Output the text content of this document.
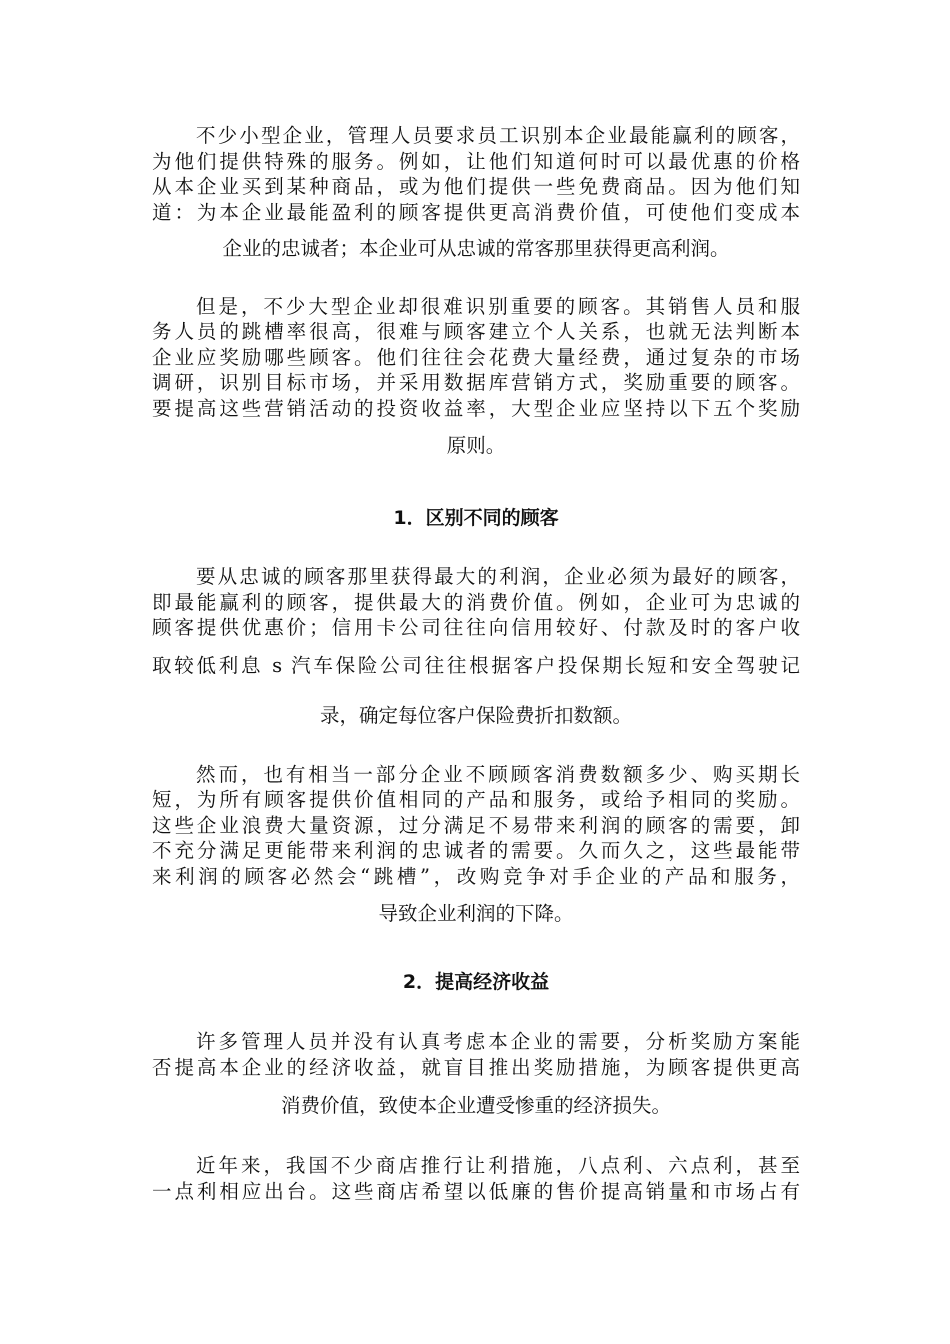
不少小型企业，管理人员要求员工识别本企业最能赢利的顾客，
为他们提供特殊的服务。例如，让他们知道何时可以最优惠的价格
从本企业买到某种商品，或为他们提供一些免费商品。因为他们知
道：为本企业最能盈利的顾客提供更高消费价值，可使他们变成本
企业的忠诚者；本企业可从忠诚的常客那里获得更高利润。
但是，不少大型企业却很难识别重要的顾客。其销售人员和服
务人员的跳槽率很高，很难与顾客建立个人关系，也就无法判断本
企业应奖励哪些顾客。他们往往会花费大量经费，通过复杂的市场
调研，识别目标市场，并采用数据库营销方式，奖励重要的顾客。
要提高这些营销活动的投资收益率，大型企业应坚持以下五个奖励
原则。
1．区别不同的顾客
要从忠诚的顾客那里获得最大的利润，企业必须为最好的顾客，
即最能赢利的顾客，提供最大的消费价值。例如，企业可为忠诚的
顾客提供优惠价；信用卡公司往往向信用较好、付款及时的客户收
取较低利息 s 汽车保险公司往往根据客户投保期长短和安全驾驶记
录，确定每位客户保险费折扣数额。
然而，也有相当一部分企业不顾顾客消费数额多少、购买期长
短，为所有顾客提供价值相同的产品和服务，或给予相同的奖励。
这些企业浪费大量资源，过分满足不易带来利润的顾客的需要，卸
不充分满足更能带来利润的忠诚者的需要。久而久之，这些最能带
来利润的顾客必然会“跳槽”，改购竞争对手企业的产品和服务，
导致企业利润的下降。
2．提高经济收益
许多管理人员并没有认真考虑本企业的需要，分析奖励方案能
否提高本企业的经济收益，就盲目推出奖励措施，为顾客提供更高
消费价值，致使本企业遭受惨重的经济损失。
近年来，我国不少商店推行让利措施，八点利、六点利，甚至
一点利相应出台。这些商店希望以低廉的售价提高销量和市场占有
